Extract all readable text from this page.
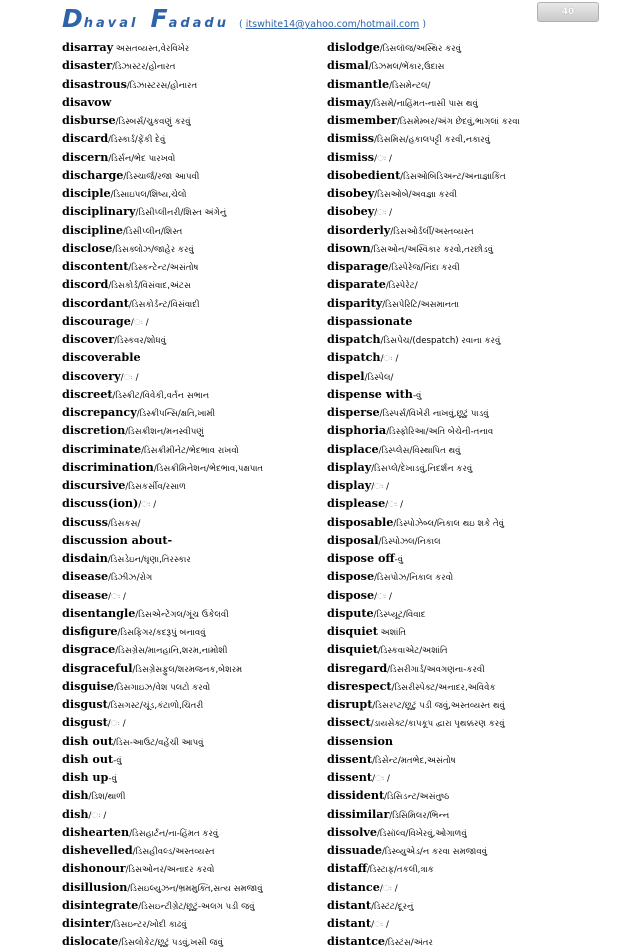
D haval F adadu ( itswhite14@yahoo.com/hotmail.com )
40
disarray અસતવ્યસ્ત,વેરવિખેર
disaster/ડિઝાસ્ટર/હોનારત
disastrous/ડિઝાસ્ટરસ/હોનારત
disavow
disburse/ડિસ્બર્સ/ચુકવણું કરવું
discard/ડિસ્કાર્ડ/ફેંકી દેવું
discern/ડિર્સન/ભેદ પારખવો
discharge/ડિસ્ચાર્જ/રજા આપવી
disciple/ડિસાઇપલ/શિષ્ય,ચેલો
disciplinary/ડિસીપ્લીનરી/શિસ્ત અંગેનું
discipline/ડિસીપ્લીન/શિસ્ત
disclose/ડિસક્લોઝ/જાહેર કરવું
discontent/ડિસ્કન્ટેન્ટ/અસંતોષ
discord/ડિસકોર્ડ/વિસંવાદ,અંટસ
discordant/ડિસકોર્ડન્ટ/વિસંવાદી
discourage/ઃ /
discover/ડિસ્કવર/શોધવું
discoverable
discovery/ઃ /
discreet/ડિસ્ક્રીટ/વિવેકી,વર્તન સભાન
discrepancy/ડિસ્ક્રીપન્સિ/ક્ષતિ,ખામી
discretion/ડિસક્રીશન/મનસ્વીપણું
discriminate/ડિસક્રીમીનેટ/ભેદભાવ રાખવો
discrimination/ડિસક્રીમિનેશન/ભેદભાવ,પક્ષપાત
discursive/ડિસકર્સીવ/રસાળ
discuss(ion)/ઃ /
discuss/ડિસકસ/
discussion about-
disdain/ડિસડેઇન/ઘૃણા,તિરસ્કાર
disease/ડિઝીઝ/રોગ
disease/ઃ /
disentangle/ડિસએન્ટેંગલ/ગૂંચ ઉકેલવી
disfigure/ડિસફિગર/કદરૂપું બનાવવું
disgrace/ડિસગ્રેસ/માનહાનિ,શરમ,નામોશી
disgraceful/ડિસગ્રેસફુલ/શરમજનક,બેશરમ
disguise/ડિસગાઇઝ/વેશ પલટો કરવો
disgust/ડિસગસ્ટ/ચૂંડ,કંટાળો,ચિતરી
disgust/ઃ /
dish out/ડિસ-આઉટ/વહેંચી આપવું
dish out-વું
dish up-વું
dish/ડિશ/થાળી
dish/ઃ /
dishearten/ડિસહાર્ટન/ના-હિંમત કરવું
dishevelled/ડિસહીવલ્ડ/અસ્તવ્યસ્ત
dishonour/ડિસઓનર/અનાદર કરવો
disillusion/ડિસઇલ્યુઝન/ભ્રમમુક્તિ,સત્ય સમજાવું
disintegrate/ડિસઇન્ટીગ્રેટ/છૂટું-અલગ પડી જવું
disinter/ડિસઇન્ટર/ખોદી કાઢવું
dislocate/ડિસલોકેટ/છૂટું પડવું,ખસી જવું
dislodge/ડિસલૉજ/અસ્થિર કરવું
dismal/ડિઝમલ/ભેંકાર,ઉદાસ
dismantle/ડિસમેન્ટલ/
dismay/ડિસમે/નાહિંમત-નાસી પાસ થવું
dismember/ડિસમેમ્બર/અંગ છેદવું,ભાગલાં કરવા
dismiss/ડિસમિસ/હકાલપટ્ટી કરવી,નકારવું
dismiss/ઃ /
disobedient/ડિસઓબિડિઅન્ટ/અનાજ્ઞાકિંત
disobey/ડિસઓબે/અવજ્ઞા કરવી
disobey/ઃ /
disorderly/ડિસઓર્ડર્લી/અસ્તવ્યસ્ત
disown/ડિસઓન/અસ્વિકાર કરવો,તરછોડવું
disparage/ડિસ્પેરેજ/નિંદા કરવી
disparate/ડિસ્પેરેટ/
disparity/ડિસપેરિટિ/અસમાનતા
dispassionate
dispatch/ડિસપેચ/(despatch) રવાના કરવું
dispatch/ઃ /
dispel/ડિસ્પેલ/
dispense with-વું
disperse/ડિસ્પર્સ/વિખેરી નાખવું,છૂટું પાડવું
disphoria/ડિસ્ફોરિઆ/અતિ બેચેની-તનાવ
displace/ડિસ્પ્લેસ/વિસ્થાપિત થવું
display/ડિસપ્લે/દેખાડવું,નિદર્શન કરવું
display/ઃ /
displease/ઃ /
disposable/ડિસ્પોઝેબ્લ/નિકાલ થઇ શકે તેવું
disposal/ડિસ્પોઝલ/નિકાલ
dispose off-વું
dispose/ડિસપોઝ/નિકાલ કરવો
dispose/ઃ /
dispute/ડિસ્પ્યૂટ/વિવાદ
disquiet અશાંતિ
disquiet/ડિસ્કવાએટ/અશાંતિ
disregard/ડિસરીગાર્ડ/અવગણના-કરવી
disrespect/ડિસરીસ્પેક્ટ/અનાદર,અવિવેક
disrupt/ડિસરપ્ટ/છૂટું પડી જવું,અસ્તવ્યસ્ત થવું
dissect/ડાયસેક્ટ/કાપકૂપ દ્વારા પૃથક્કરણ કરવું
dissension
dissent/ડિસેન્ટ/મતભેદ,અસંતોષ
dissent/ઃ /
dissident/ડિસિડન્ટ/અસંતુષ્ઠ
dissimilar/ડિસિમિલર/ભિન્ન
dissolve/ડિસૉલ્વ/વિખેરવું,ઓગાળવું
dissuade/ડિસ્વ્યુએડ/ન કરવા સમજાવવું
distaff/ડિસ્ટાફ/તકલી,ત્રાક
distance/ઃ /
distant/ડિસ્ટંટ/દૂરનું
distant/ઃ /
distantce/ડિસ્ટંસ/અંતર
